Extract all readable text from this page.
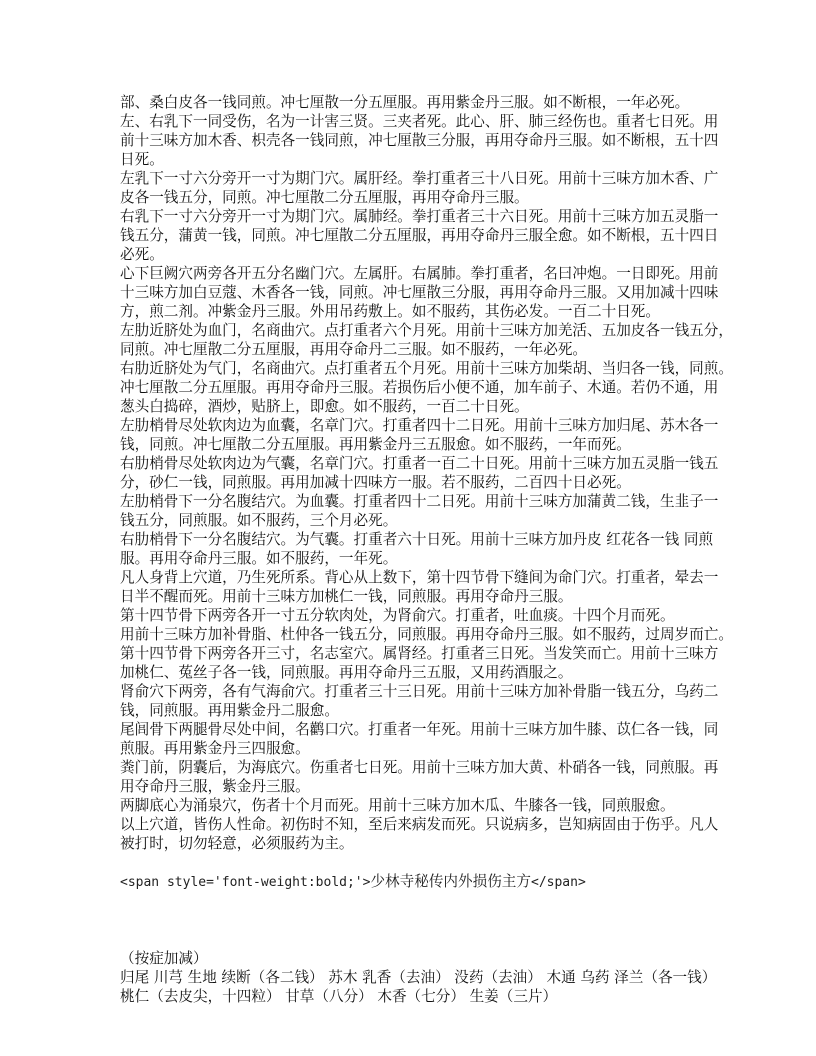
部、桑白皮各一钱同煎。冲七厘散一分五厘服。再用紫金丹三服。如不断根，一年必死。
左、右乳下一同受伤，名为一计害三贤。三夹者死。此心、肝、肺三经伤也。重者七日死。用
前十三味方加木香、枳壳各一钱同煎，冲七厘散三分服，再用夺命丹三服。如不断根，五十四
日死。
左乳下一寸六分旁开一寸为期门穴。属肝经。拳打重者三十八日死。用前十三味方加木香、广
皮各一钱五分，同煎。冲七厘散二分五厘服，再用夺命丹三服。
右乳下一寸六分旁开一寸为期门穴。属肺经。拳打重者三十六日死。用前十三味方加五灵脂一
钱五分，蒲黄一钱，同煎。冲七厘散二分五厘服，再用夺命丹三服全愈。如不断根，五十四日
必死。
心下巨阙穴两旁各开五分名幽门穴。左属肝。右属肺。拳打重者，名曰冲炮。一日即死。用前
十三味方加白豆蔻、木香各一钱，同煎。冲七厘散三分服，再用夺命丹三服。又用加减十四味
方，煎二剂。冲紫金丹三服。外用吊药敷上。如不服药，其伤必发。一百二十日死。
左肋近脐处为血门，名商曲穴。点打重者六个月死。用前十三味方加羌活、五加皮各一钱五分，
同煎。冲七厘散二分五厘服，再用夺命丹二三服。如不服药，一年必死。
右肋近脐处为气门，名商曲穴。点打重者五个月死。用前十三味方加柴胡、当归各一钱，同煎。
冲七厘散二分五厘服。再用夺命丹三服。若损伤后小便不通，加车前子、木通。若仍不通，用
葱头白捣碎，酒炒，贴脐上，即愈。如不服药，一百二十日死。
左肋梢骨尽处软肉边为血囊，名章门穴。打重者四十二日死。用前十三味方加归尾、苏木各一
钱，同煎。冲七厘散二分五厘服。再用紫金丹三五服愈。如不服药，一年而死。
右肋梢骨尽处软肉边为气囊，名章门穴。打重者一百二十日死。用前十三味方加五灵脂一钱五
分，砂仁一钱，同煎服。再用加减十四味方一服。若不服药，二百四十日必死。
左肋梢骨下一分名腹结穴。为血囊。打重者四十二日死。用前十三味方加蒲黄二钱，生韭子一
钱五分，同煎服。如不服药，三个月必死。
右肋梢骨下一分名腹结穴。为气囊。打重者六十日死。用前十三味方加丹皮 红花各一钱 同煎
服。再用夺命丹三服。如不服药，一年死。
凡人身背上穴道，乃生死所系。背心从上数下，第十四节骨下缝间为命门穴。打重者，晕去一
日半不醒而死。用前十三味方加桃仁一钱，同煎服。再用夺命丹三服。
第十四节骨下两旁各开一寸五分软肉处，为肾俞穴。打重者，吐血痰。十四个月而死。
用前十三味方加补骨脂、杜仲各一钱五分，同煎服。再用夺命丹三服。如不服药，过周岁而亡。
第十四节骨下两旁各开三寸，名志室穴。属肾经。打重者三日死。当发笑而亡。用前十三味方
加桃仁、菟丝子各一钱，同煎服。再用夺命丹三五服，又用药酒服之。
肾俞穴下两旁，各有气海俞穴。打重者三十三日死。用前十三味方加补骨脂一钱五分，乌药二
钱，同煎服。再用紫金丹二服愈。
尾闾骨下两腿骨尽处中间，名鹳口穴。打重者一年死。用前十三味方加牛膝、苡仁各一钱，同
煎服。再用紫金丹三四服愈。
粪门前，阴囊后，为海底穴。伤重者七日死。用前十三味方加大黄、朴硝各一钱，同煎服。再
用夺命丹三服，紫金丹三服。
两脚底心为涌泉穴，伤者十个月而死。用前十三味方加木瓜、牛膝各一钱，同煎服愈。
以上穴道，皆伤人性命。初伤时不知，至后来病发而死。只说病多，岂知病固由于伤乎。凡人
被打时，切勿轻意，必须服药为主。
<span style='font-weight:bold;'>少林寺秘传内外损伤主方</span>
（按症加减）
归尾 川芎 生地 续断（各二钱） 苏木 乳香（去油） 没药（去油） 木通 乌药 泽兰（各一钱）
桃仁（去皮尖，十四粒） 甘草（八分） 木香（七分） 生姜（三片）
